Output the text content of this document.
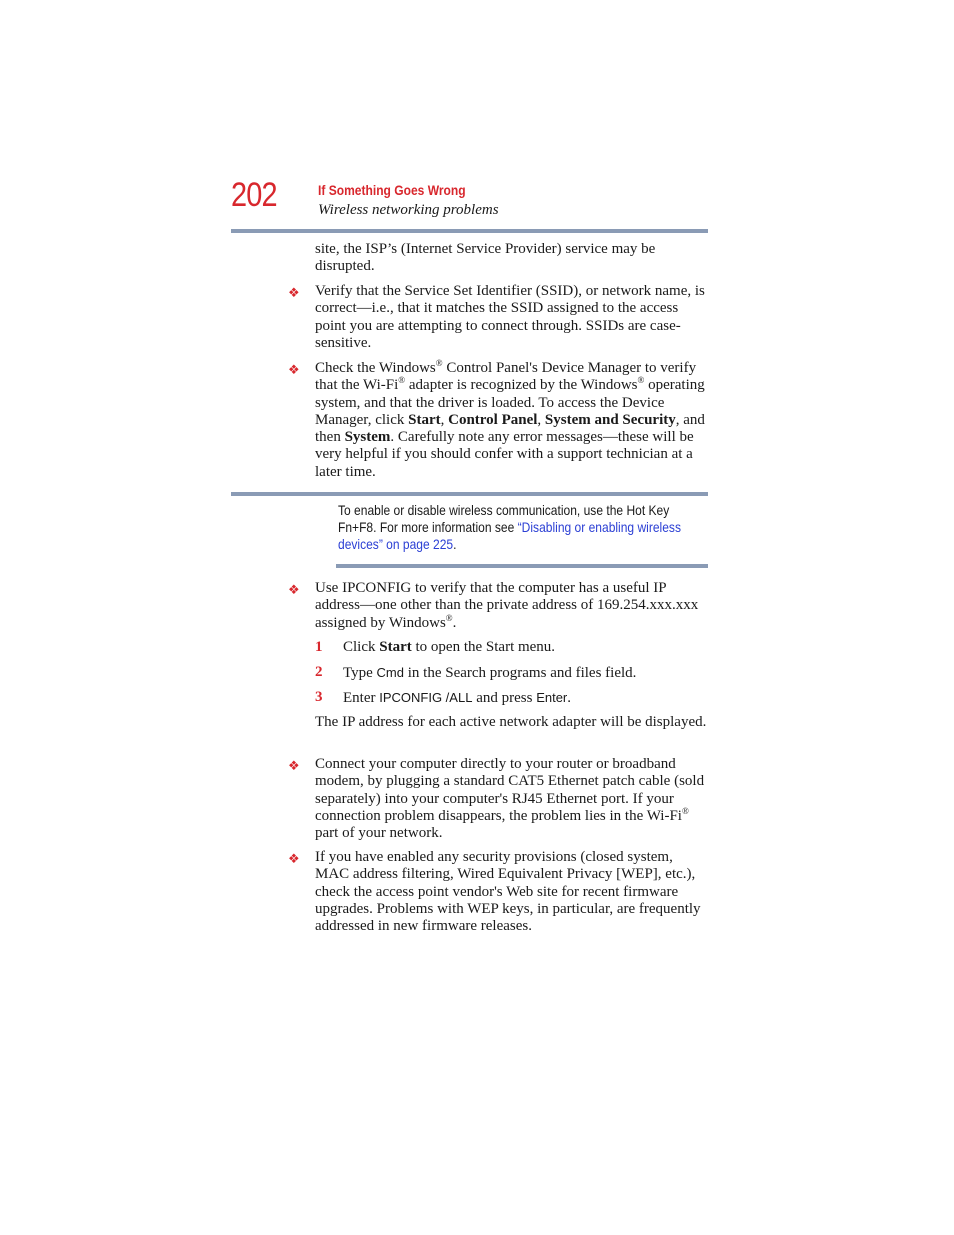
202	If Something Goes Wrong
Wireless networking problems
site, the ISP’s (Internet Service Provider) service may be disrupted.
❖ Verify that the Service Set Identifier (SSID), or network name, is correct—i.e., that it matches the SSID assigned to the access point you are attempting to connect through. SSIDs are case-sensitive.
❖ Check the Windows® Control Panel's Device Manager to verify that the Wi-Fi® adapter is recognized by the Windows® operating system, and that the driver is loaded. To access the Device Manager, click Start, Control Panel, System and Security, and then System. Carefully note any error messages—these will be very helpful if you should confer with a support technician at a later time.
To enable or disable wireless communication, use the Hot Key Fn+F8. For more information see “Disabling or enabling wireless devices” on page 225.
❖ Use IPCONFIG to verify that the computer has a useful IP address—one other than the private address of 169.254.xxx.xxx assigned by Windows®.
1 Click Start to open the Start menu.
2 Type Cmd in the Search programs and files field.
3 Enter IPCONFIG /ALL and press Enter.
The IP address for each active network adapter will be displayed.
❖ Connect your computer directly to your router or broadband modem, by plugging a standard CAT5 Ethernet patch cable (sold separately) into your computer's RJ45 Ethernet port. If your connection problem disappears, the problem lies in the Wi-Fi® part of your network.
❖ If you have enabled any security provisions (closed system, MAC address filtering, Wired Equivalent Privacy [WEP], etc.), check the access point vendor's Web site for recent firmware upgrades. Problems with WEP keys, in particular, are frequently addressed in new firmware releases.
